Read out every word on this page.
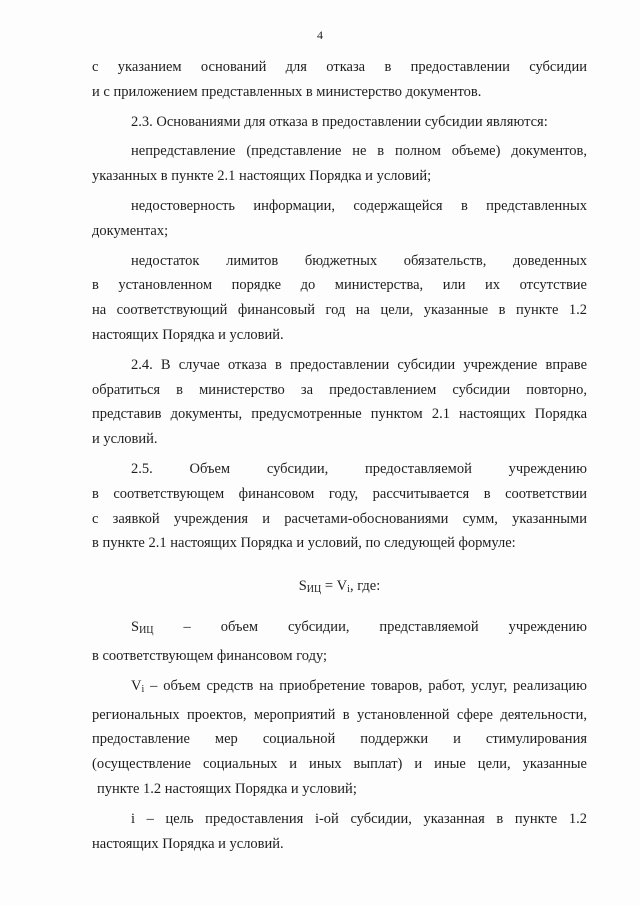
4
с указанием оснований для отказа в предоставлении субсидии
и с приложением представленных в министерство документов.
2.3. Основаниями для отказа в предоставлении субсидии являются:
непредставление (представление не в полном объеме) документов,
указанных в пункте 2.1 настоящих Порядка и условий;
недостоверность информации, содержащейся в представленных
документах;
недостаток лимитов бюджетных обязательств, доведенных
в установленном порядке до министерства, или их отсутствие
на соответствующий финансовый год на цели, указанные в пункте 1.2
настоящих Порядка и условий.
2.4. В случае отказа в предоставлении субсидии учреждение вправе
обратиться в министерство за предоставлением субсидии повторно,
представив документы, предусмотренные пунктом 2.1 настоящих Порядка
и условий.
2.5. Объем субсидии, предоставляемой учреждению
в соответствующем финансовом году, рассчитывается в соответствии
с заявкой учреждения и расчетами-обоснованиями сумм, указанными
в пункте 2.1 настоящих Порядка и условий, по следующей формуле:
$S_{ИЦ} = V_i$, где:
$S_{ИЦ}$ – объем субсидии, представляемой учреждению
в соответствующем финансовом году;
$V_i$ – объем средств на приобретение товаров, работ, услуг, реализацию
региональных проектов, мероприятий в установленной сфере деятельности,
предоставление мер социальной поддержки и стимулирования
(осуществление социальных и иных выплат) и иные цели, указанные
пункте 1.2 настоящих Порядка и условий;
i – цель предоставления i-ой субсидии, указанная в пункте 1.2
настоящих Порядка и условий.
